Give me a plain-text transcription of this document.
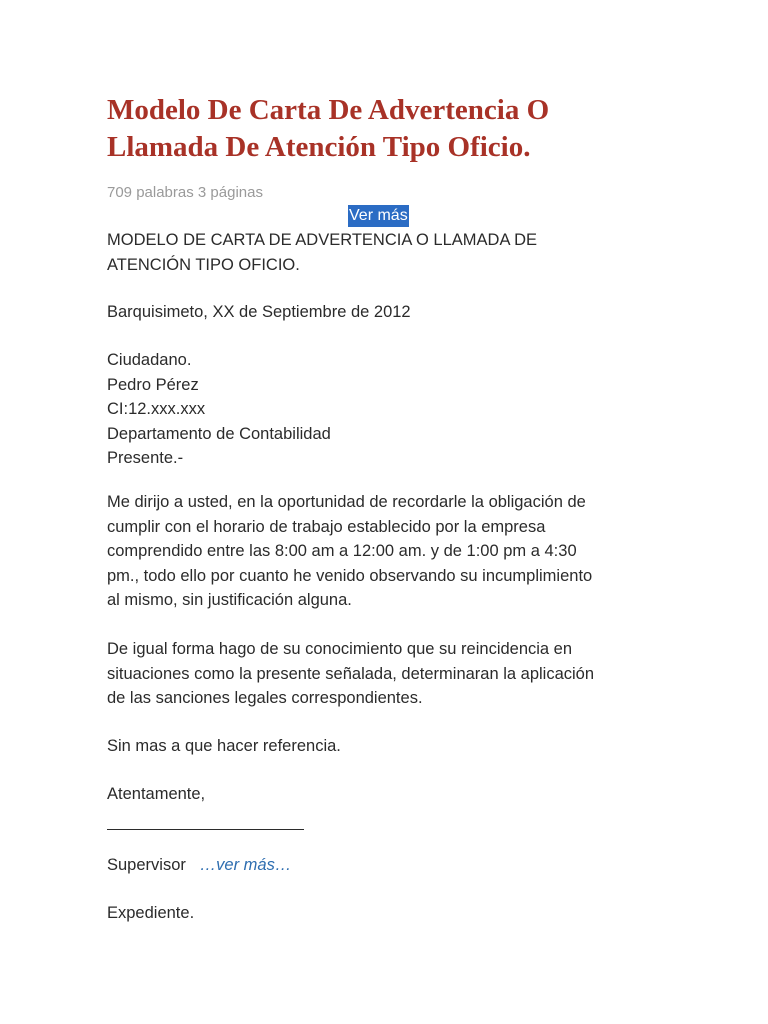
Modelo De Carta De Advertencia O Llamada De Atención Tipo Oficio.
709 palabras 3 páginas
Ver más
MODELO DE CARTA DE ADVERTENCIA O LLAMADA DE
ATENCIÓN TIPO OFICIO.
Barquisimeto, XX de Septiembre de 2012
Ciudadano.
Pedro Pérez
CI:12.xxx.xxx
Departamento de Contabilidad
Presente.-
Me dirijo a usted, en la oportunidad de recordarle la obligación de
cumplir con el horario de trabajo establecido por la empresa
comprendido entre las 8:00 am a 12:00 am. y de 1:00 pm a 4:30
pm., todo ello por cuanto he venido observando su incumplimiento
al mismo, sin justificación alguna.
De igual forma hago de su conocimiento que su reincidencia en
situaciones como la presente señalada, determinaran la aplicación
de las sanciones legales correspondientes.
Sin mas a que hacer referencia.
Atentamente,
Supervisor …ver más…
Expediente.
